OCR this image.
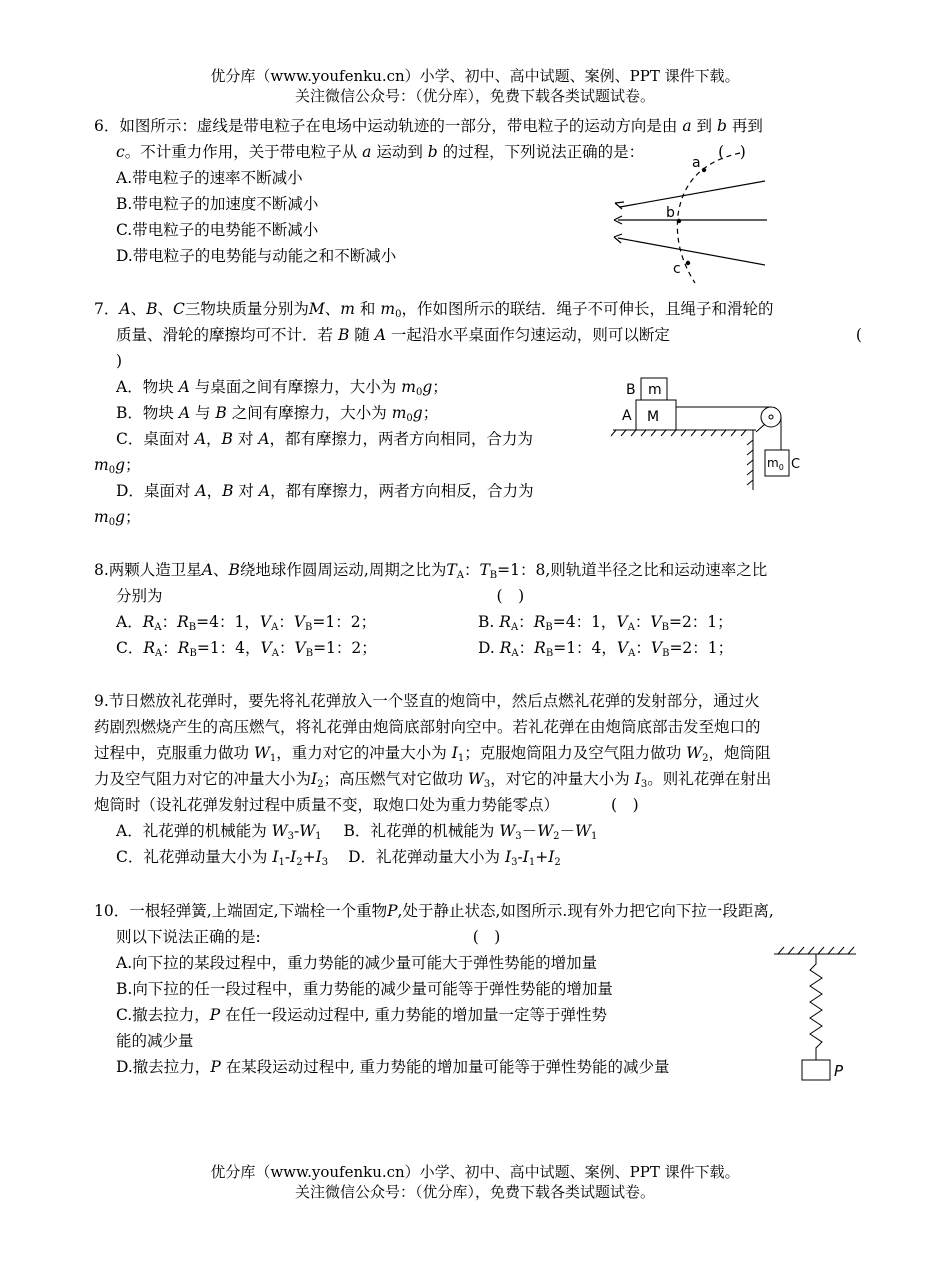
优分库（www.youfenku.cn）小学、初中、高中试题、案例、PPT 课件下载。
关注微信公众号：（优分库），免费下载各类试题试卷。
6．如图所示：虚线是带电粒子在电场中运动轨迹的一部分，带电粒子的运动方向是由 a 到 b 再到
c。不计重力作用，关于带电粒子从 a 运动到 b 的过程，下列说法正确的是：	(　)
A.带电粒子的速率不断减小
B.带电粒子的加速度不断减小
C.带电粒子的电势能不断减小
D.带电粒子的电势能与动能之和不断减小
a
b
c
7．A、B、C三物块质量分别为M、m 和 $m_0$，作如图所示的联结．绳子不可伸长，且绳子和滑轮的
质量、滑轮的摩擦均可不计．若 B 随 A 一起沿水平桌面作匀速运动，则可以断定	(
)
A．物块 A 与桌面之间有摩擦力，大小为 $m_0g$；
B．物块 A 与 B 之间有摩擦力，大小为 $m_0g$；
C．桌面对 A，B 对 A，都有摩擦力，两者方向相同，合力为
$m_0g$；
D．桌面对 A，B 对 A，都有摩擦力，两者方向相反，合力为
$m_0g$；
B m
A M
$m_0$ C
8.两颗人造卫星A、B绕地球作圆周运动,周期之比为$T_A$：$T_B=1$：8,则轨道半径之比和运动速率之比
分别为	(　)
A．$R_A$：$R_B=4$：1，$V_A$：$V_B=1$：2；	B. $R_A$：$R_B=4$：1，$V_A$：$V_B=2$：1；
C．$R_A$：$R_B=1$：4，$V_A$：$V_B=1$：2；	D. $R_A$：$R_B=1$：4，$V_A$：$V_B=2$：1；
9.节日燃放礼花弹时，要先将礼花弹放入一个竖直的炮筒中，然后点燃礼花弹的发射部分，通过火
药剧烈燃烧产生的高压燃气，将礼花弹由炮筒底部射向空中。若礼花弹在由炮筒底部击发至炮口的
过程中，克服重力做功 $W_1$，重力对它的冲量大小为 $I_1$；克服炮筒阻力及空气阻力做功 $W_2$，炮筒阻
力及空气阻力对它的冲量大小为$I_2$；高压燃气对它做功 $W_3$，对它的冲量大小为 $I_3$。则礼花弹在射出
炮筒时（设礼花弹发射过程中质量不变，取炮口处为重力势能零点）	(　)
A．礼花弹的机械能为 $W_3-W_1$ B．礼花弹的机械能为 $W_3-W_2-W_1$
C．礼花弹动量大小为 $I_1-I_2+I_3$ D．礼花弹动量大小为 $I_3-I_1+I_2$
10．一根轻弹簧,上端固定,下端栓一个重物P,处于静止状态,如图所示.现有外力把它向下拉一段距离,
则以下说法正确的是:	(　)
A.向下拉的某段过程中，重力势能的减少量可能大于弹性势能的增加量
B.向下拉的任一段过程中，重力势能的减少量可能等于弹性势能的增加量
C.撤去拉力，P 在任一段运动过程中, 重力势能的增加量一定等于弹性势
能的减少量
D.撤去拉力，P 在某段运动过程中, 重力势能的增加量可能等于弹性势能的减少量	P
优分库（www.youfenku.cn）小学、初中、高中试题、案例、PPT 课件下载。
关注微信公众号：（优分库），免费下载各类试题试卷。
